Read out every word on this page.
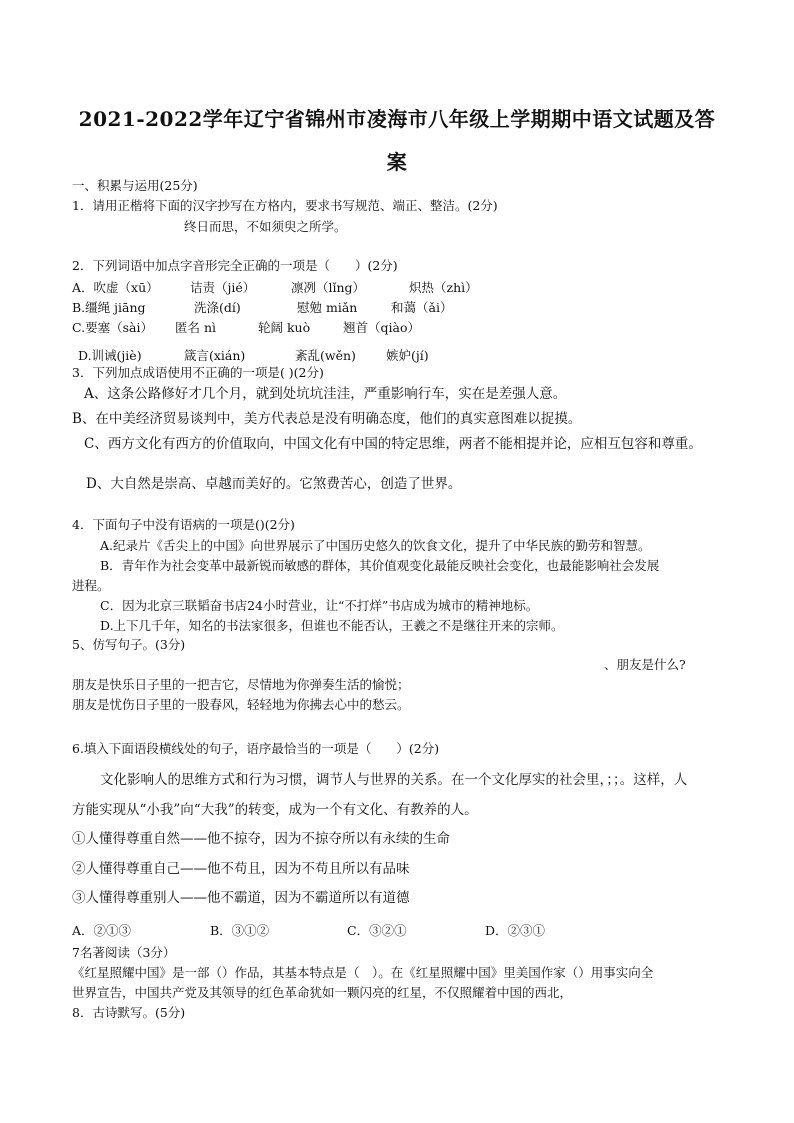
2021-2022学年辽宁省锦州市凌海市八年级上学期期中语文试题及答
案
一、积累与运用(25分)
1．请用正楷将下面的汉字抄写在方格内，要求书写规范、端正、整洁。(2分)
终日而思，不如须臾之所学。
2．下列词语中加点字音形完全正确的一项是（　　）(2分)
A．吹虚（xū）	诘责（jié）	凛冽（lǐng）	炽热（zhì）
B.缰绳 jiāng	洗涤(dí)	慰勉 miǎn	和蔼（ǎi）
C.要塞（sài） 匿名 nì	轮阔 kuò	翘首（qiào）
D.训诫(jiè)	箴言(xián)	紊乱(wěn) 嫉妒(jí)
3．下列加点成语使用不正确的一项是( )(2分)
A、这条公路修好才几个月，就到处坑坑洼洼，严重影响行车，实在是差强人意。
B、在中美经济贸易谈判中，美方代表总是没有明确态度，他们的真实意图难以捉摸。
C、西方文化有西方的价值取向，中国文化有中国的特定思维，两者不能相提并论，应相互包容和尊重。
D、大自然是崇高、卓越而美好的。它煞费苦心，创造了世界。
4．下面句子中没有语病的一项是()(2分)
A.纪录片《舌尖上的中国》向世界展示了中国历史悠久的饮食文化，提升了中华民族的勤劳和智慧。
B．青年作为社会变革中最新锐而敏感的群体，其价值观变化最能反映社会变化，也最能影响社会发展
进程。
C．因为北京三联韬奋书店24小时营业，让“不打烊”书店成为城市的精神地标。
D.上下几千年，知名的书法家很多，但谁也不能否认，王羲之不是继往开来的宗师。
5、仿写句子。(3分)
、朋友是什么?
朋友是快乐日子里的一把吉它，尽情地为你弹奏生活的愉悦；
朋友是忧伤日子里的一股春风，轻轻地为你拂去心中的愁云。
6.填入下面语段横线处的句子，语序最恰当的一项是（　　）(2分)
文化影响人的思维方式和行为习惯，调节人与世界的关系。在一个文化厚实的社会里，；；。这样，人
方能实现从“小我”向“大我”的转变，成为一个有文化、有教养的人。
①人懂得尊重自然——他不掠夺，因为不掠夺所以有永续的生命
②人懂得尊重自己——他不苟且，因为不苟且所以有品味
③人懂得尊重别人——他不霸道，因为不霸道所以有道德
A．②①③	B．③①②	C．③②①	D．②③①
7名著阅读（3分）
《红星照耀中国》是一部（）作品，其基本特点是（　）。在《红星照耀中国》里美国作家（）用事实向全
世界宣告，中国共产党及其领导的红色革命犹如一颗闪亮的红星，不仅照耀着中国的西北，
8．古诗默写。(5分)
